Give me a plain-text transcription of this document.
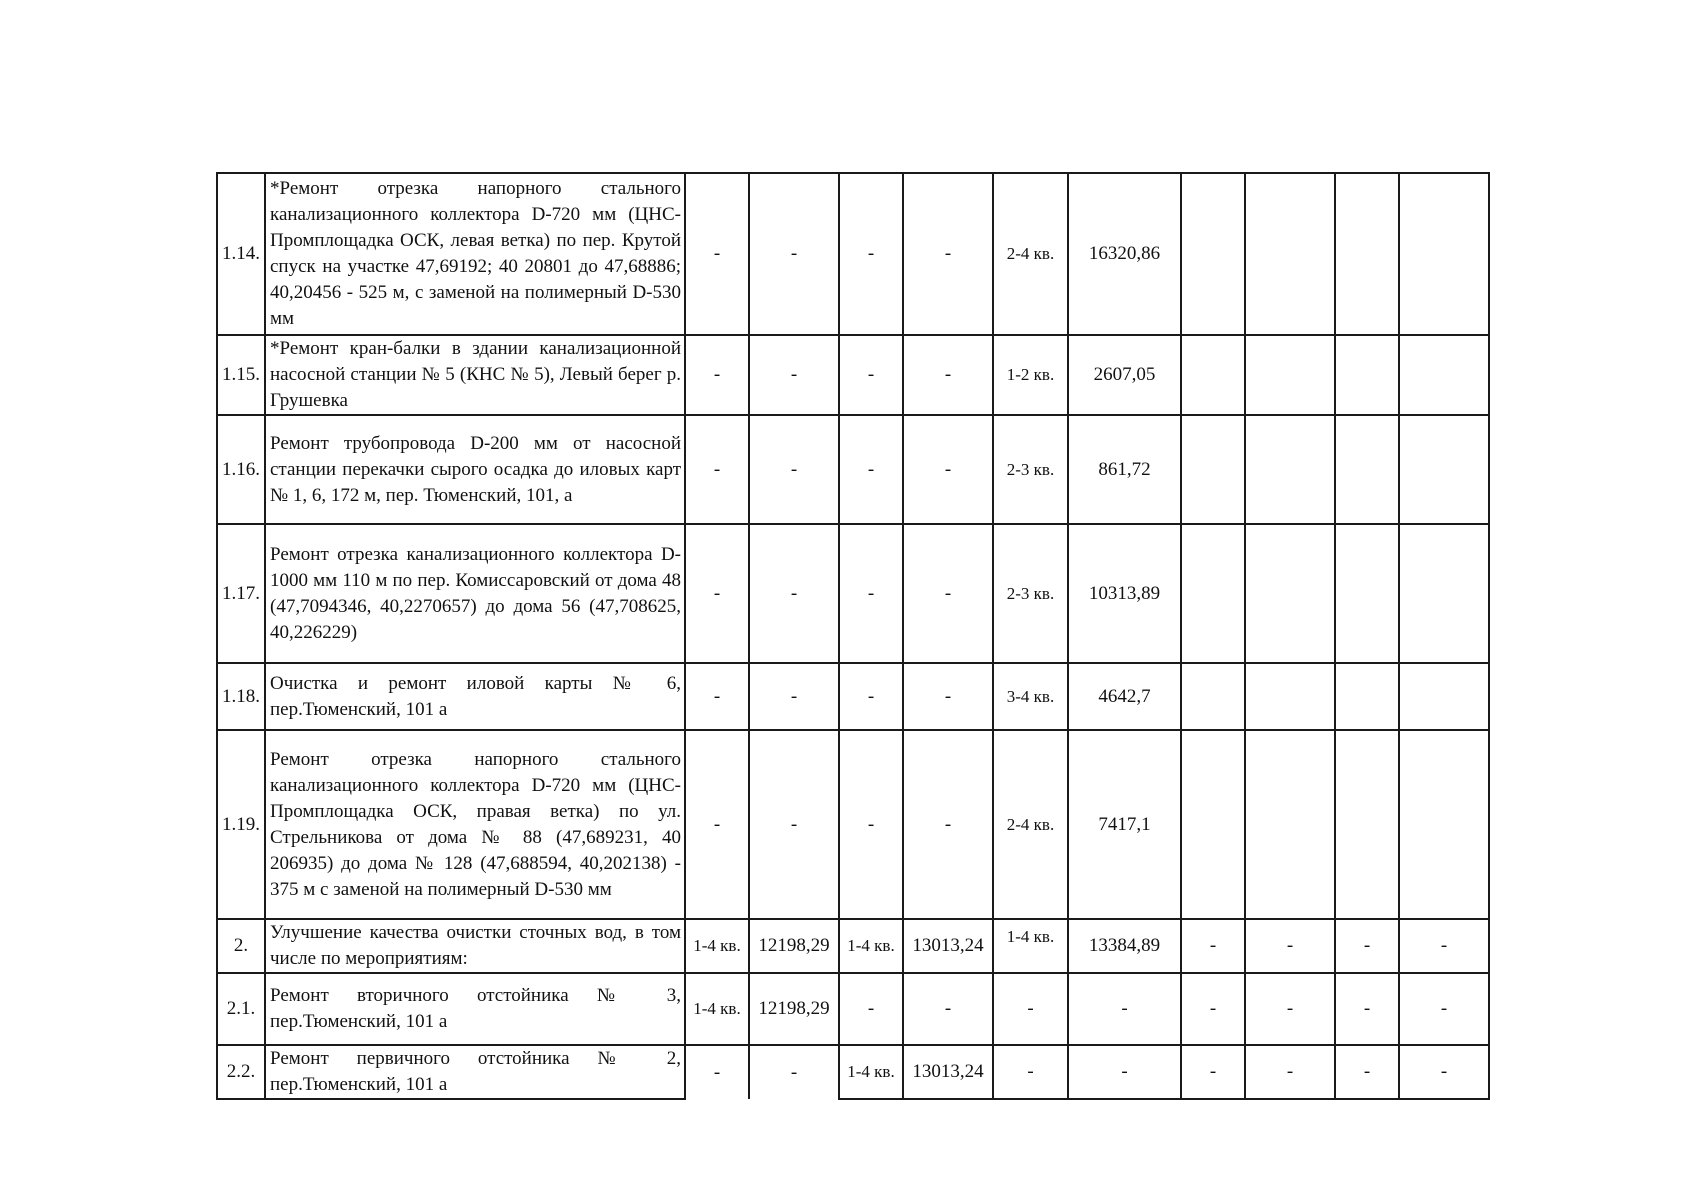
1.14.	*Ремонт отрезка напорного стального канализационного коллектора D-720 мм (ЦНС-Промплощадка ОСК, левая ветка) по пер. Крутой спуск на участке 47,69192; 40 20801 до 47,68886; 40,20456 - 525 м, с заменой на полимерный D-530 мм	-	-	-	-	2-4 кв.	16320,86				
1.15.	*Ремонт кран-балки в здании канализационной насосной станции № 5 (КНС № 5), Левый берег р. Грушевка	-	-	-	-	1-2 кв.	2607,05				
1.16.	Ремонт трубопровода D-200 мм от насосной станции перекачки сырого осадка до иловых карт № 1, 6, 172 м, пер. Тюменский, 101, а	-	-	-	-	2-3 кв.	861,72				
1.17.	Ремонт отрезка канализационного коллектора D-1000 мм 110 м по пер. Комиссаровский от дома 48 (47,7094346, 40,2270657) до дома 56 (47,708625, 40,226229)	-	-	-	-	2-3 кв.	10313,89				
1.18.	Очистка и ремонт иловой карты № 6, пер.Тюменский, 101 а	-	-	-	-	3-4 кв.	4642,7				
1.19.	Ремонт отрезка напорного стального канализационного коллектора D-720 мм (ЦНС-Промплощадка ОСК, правая ветка) по ул. Стрельникова от дома № 88 (47,689231, 40 206935) до дома № 128 (47,688594, 40,202138) - 375 м с заменой на полимерный D-530 мм	-	-	-	-	2-4 кв.	7417,1				
2.	Улучшение качества очистки сточных вод, в том числе по мероприятиям:	1-4 кв.	12198,29	1-4 кв.	13013,24	1-4 кв.	13384,89	-	-	-	-
2.1.	Ремонт вторичного отстойника № 3, пер.Тюменский, 101 а	1-4 кв.	12198,29	-	-	-	-	-	-	-	-
2.2.	Ремонт первичного отстойника № 2, пер.Тюменский, 101 а	-	-	1-4 кв.	13013,24	-	-	-	-	-	-
